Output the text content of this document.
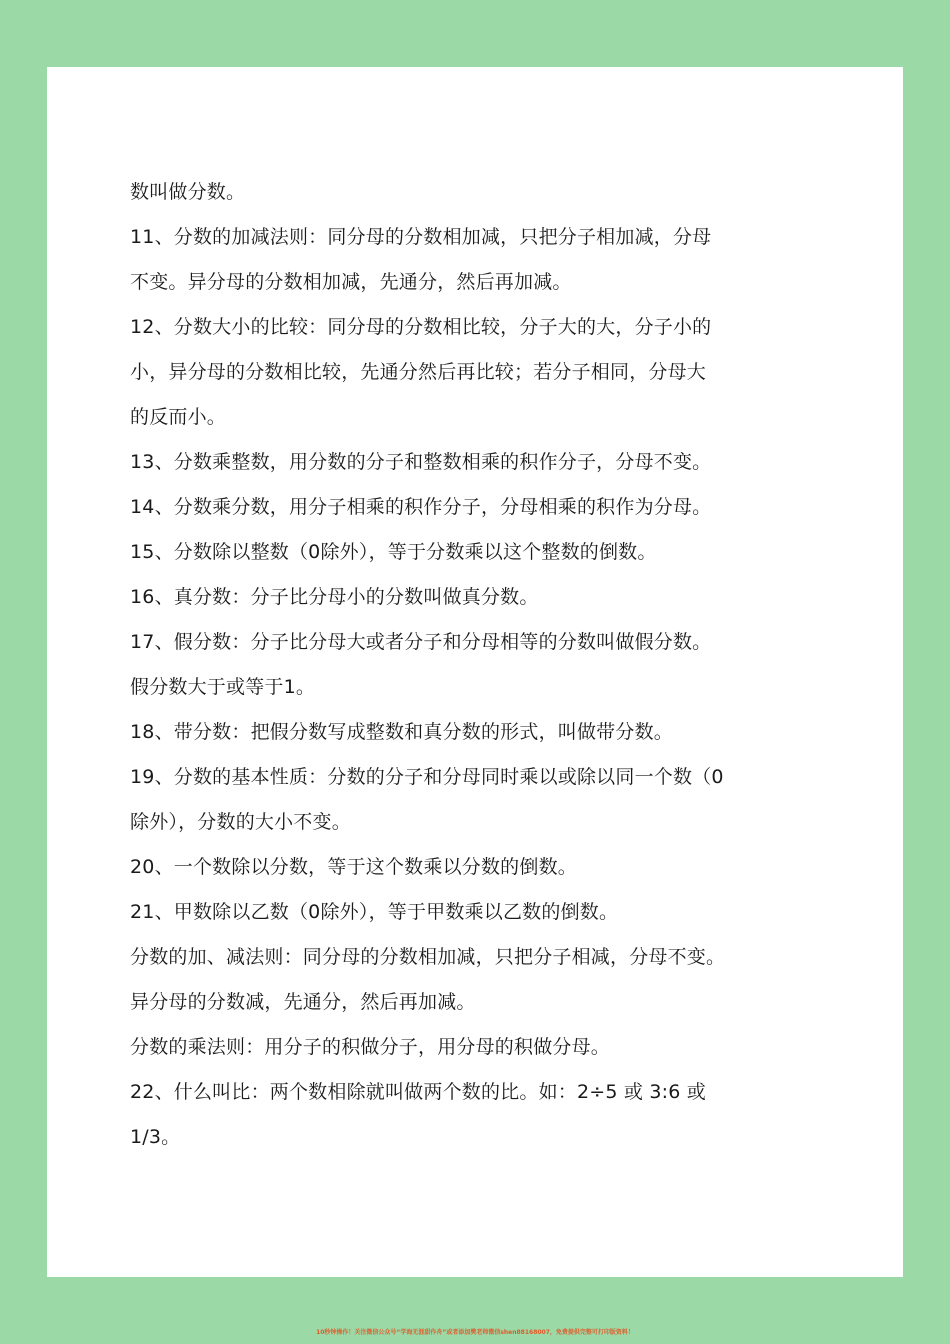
数叫做分数。
11、分数的加减法则：同分母的分数相加减，只把分子相加减，分母
不变。异分母的分数相加减，先通分，然后再加减。
12、分数大小的比较：同分母的分数相比较，分子大的大，分子小的
小，异分母的分数相比较，先通分然后再比较；若分子相同，分母大
的反而小。
13、分数乘整数，用分数的分子和整数相乘的积作分子，分母不变。
14、分数乘分数，用分子相乘的积作分子，分母相乘的积作为分母。
15、分数除以整数（0除外），等于分数乘以这个整数的倒数。
16、真分数：分子比分母小的分数叫做真分数。
17、假分数：分子比分母大或者分子和分母相等的分数叫做假分数。
假分数大于或等于1。
18、带分数：把假分数写成整数和真分数的形式，叫做带分数。
19、分数的基本性质：分数的分子和分母同时乘以或除以同一个数（0
除外），分数的大小不变。
20、一个数除以分数，等于这个数乘以分数的倒数。
21、甲数除以乙数（0除外），等于甲数乘以乙数的倒数。
分数的加、减法则：同分母的分数相加减，只把分子相减，分母不变。
异分母的分数减，先通分，然后再加减。
分数的乘法则：用分子的积做分子，用分母的积做分母。
22、什么叫比：两个数相除就叫做两个数的比。如：2÷5 或 3:6 或
1/3。
10秒钟操作！关注微信公众号“学海无涯甜作舟”或者添加樊老师微信shen88168007，免费提供完整可打印版资料！
